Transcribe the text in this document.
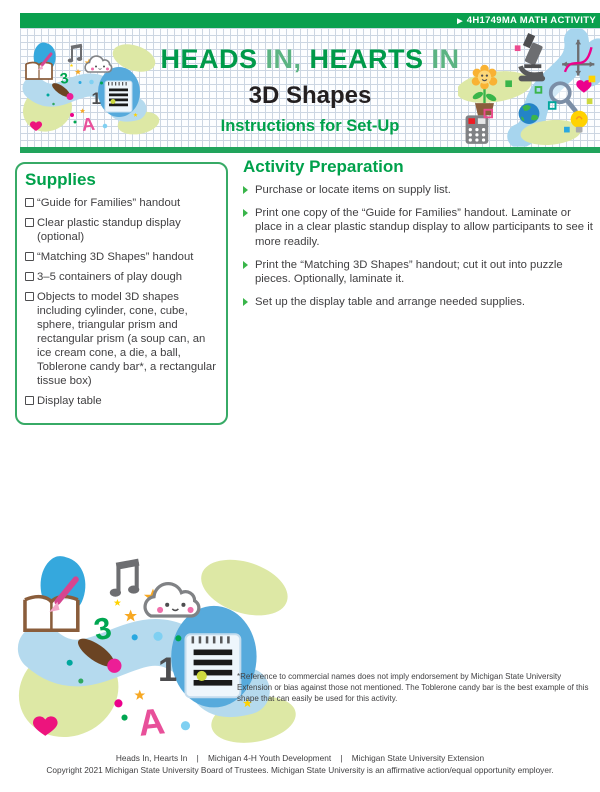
▶ 4H1749MA MATH ACTIVITY
HEADS IN, HEARTS IN
3D Shapes
Instructions for Set-Up
Supplies
“Guide for Families” handout
Clear plastic standup display (optional)
“Matching 3D Shapes” handout
3–5 containers of play dough
Objects to model 3D shapes including cylinder, cone, cube, sphere, triangular prism and rectangular prism (a soup can, an ice cream cone, a die, a ball, Toblerone candy bar*, a rectangular tissue box)
Display table
Activity Preparation
Purchase or locate items on supply list.
Print one copy of the “Guide for Families” handout. Laminate or place in a clear plastic standup display to allow participants to see it more readily.
Print the “Matching 3D Shapes” handout; cut it out into puzzle pieces. Optionally, laminate it.
Set up the display table and arrange needed supplies.
*Reference to commercial names does not imply endorsement by Michigan State University Extension or bias against those not mentioned. The Toblerone candy bar is the best example of this shape that can easily be used for this activity.
Heads In, Hearts In    |    Michigan 4-H Youth Development    |    Michigan State University Extension
Copyright 2021 Michigan State University Board of Trustees. Michigan State University is an affirmative action/equal opportunity employer.
